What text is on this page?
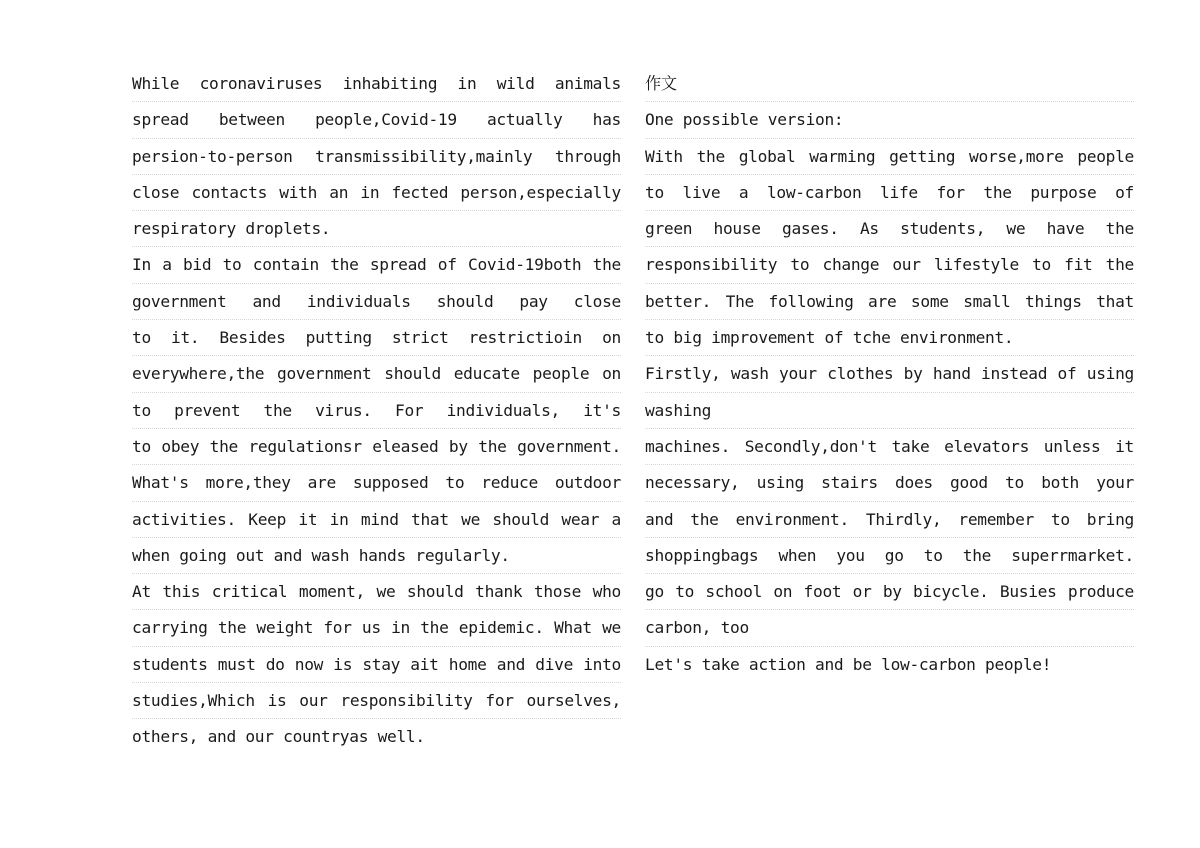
While coronaviruses inhabiting in wild animals
spread between people,Covid-19 actually has
persion-to-person transmissibility,mainly through
close contacts with an in fected person,especially
respiratory droplets.
In a bid to contain the spread of Covid-19both the
government and individuals should pay close
to it. Besides putting strict restrictioin on
everywhere,the government should educate people on
to prevent the virus. For individuals, it's
to obey the regulationsr eleased by the government.
What's more,they are supposed to reduce outdoor
activities. Keep it in mind that we should wear a
when going out and wash hands regularly.
At this critical moment, we should thank those who
carrying the weight for us in the epidemic. What we
students must do now is stay ait home and dive into
studies,Which is our responsibility for ourselves,
others, and our countryas well.
作文
One possible version:
With the global warming getting worse,more people
to live a low-carbon life for the purpose of
green house gases. As students, we have the
responsibility to change our lifestyle to fit the
better. The following are some small things that
to big improvement of tche environment.
Firstly, wash your clothes by hand instead of using
washing
machines. Secondly,don't take elevators unless it
necessary, using stairs does good to both your
and the environment. Thirdly, remember to bring
shoppingbags when you go to the superrmarket.
go to school on foot or by bicycle. Busies produce
carbon, too
Let's take action and be low-carbon people!
